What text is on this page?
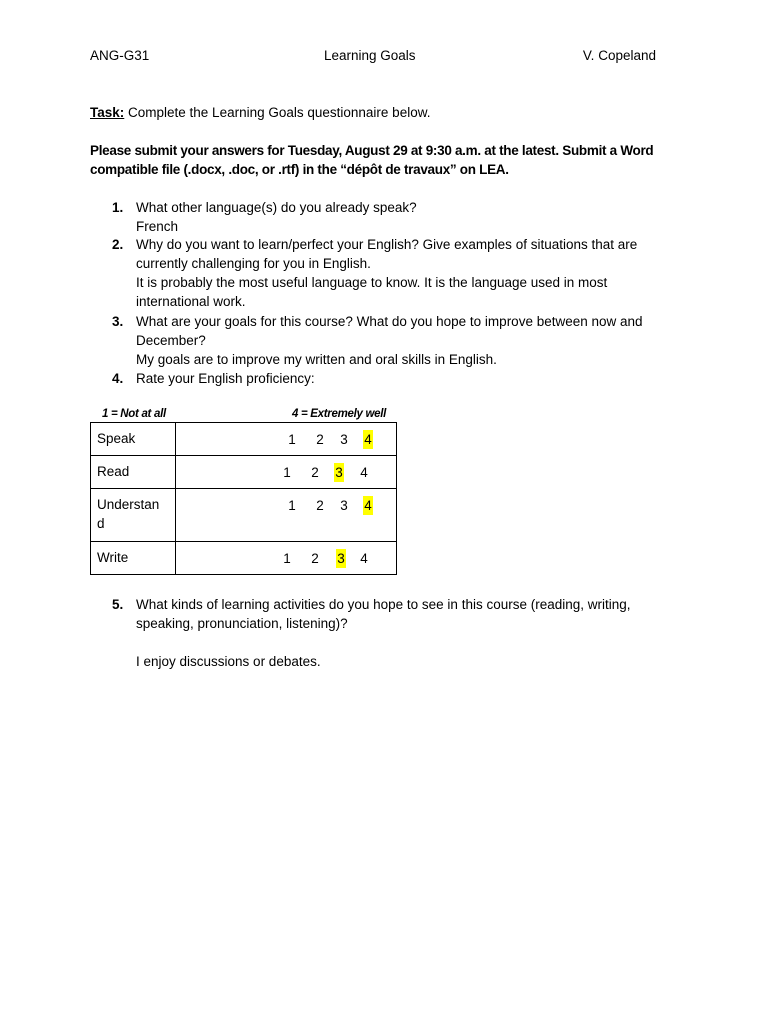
ANG-G31	Learning Goals	V. Copeland
Task: Complete the Learning Goals questionnaire below.
Please submit your answers for Tuesday, August 29 at 9:30 a.m. at the latest. Submit a Word compatible file (.docx, .doc, or .rtf) in the “dépôt de travaux” on LEA.
1. What other language(s) do you already speak?
French
2. Why do you want to learn/perfect your English? Give examples of situations that are currently challenging for you in English.
It is probably the most useful language to know. It is the language used in most international work.
3. What are your goals for this course? What do you hope to improve between now and December?
My goals are to improve my written and oral skills in English.
4. Rate your English proficiency:
1 = Not at all	4 = Extremely well
Speak	1 2 3 4

Read	1 2 3 4

Understan d	1 2 3 4

Write	1 2 3 4
5. What kinds of learning activities do you hope to see in this course (reading, writing, speaking, pronunciation, listening)?
I enjoy discussions or debates.
